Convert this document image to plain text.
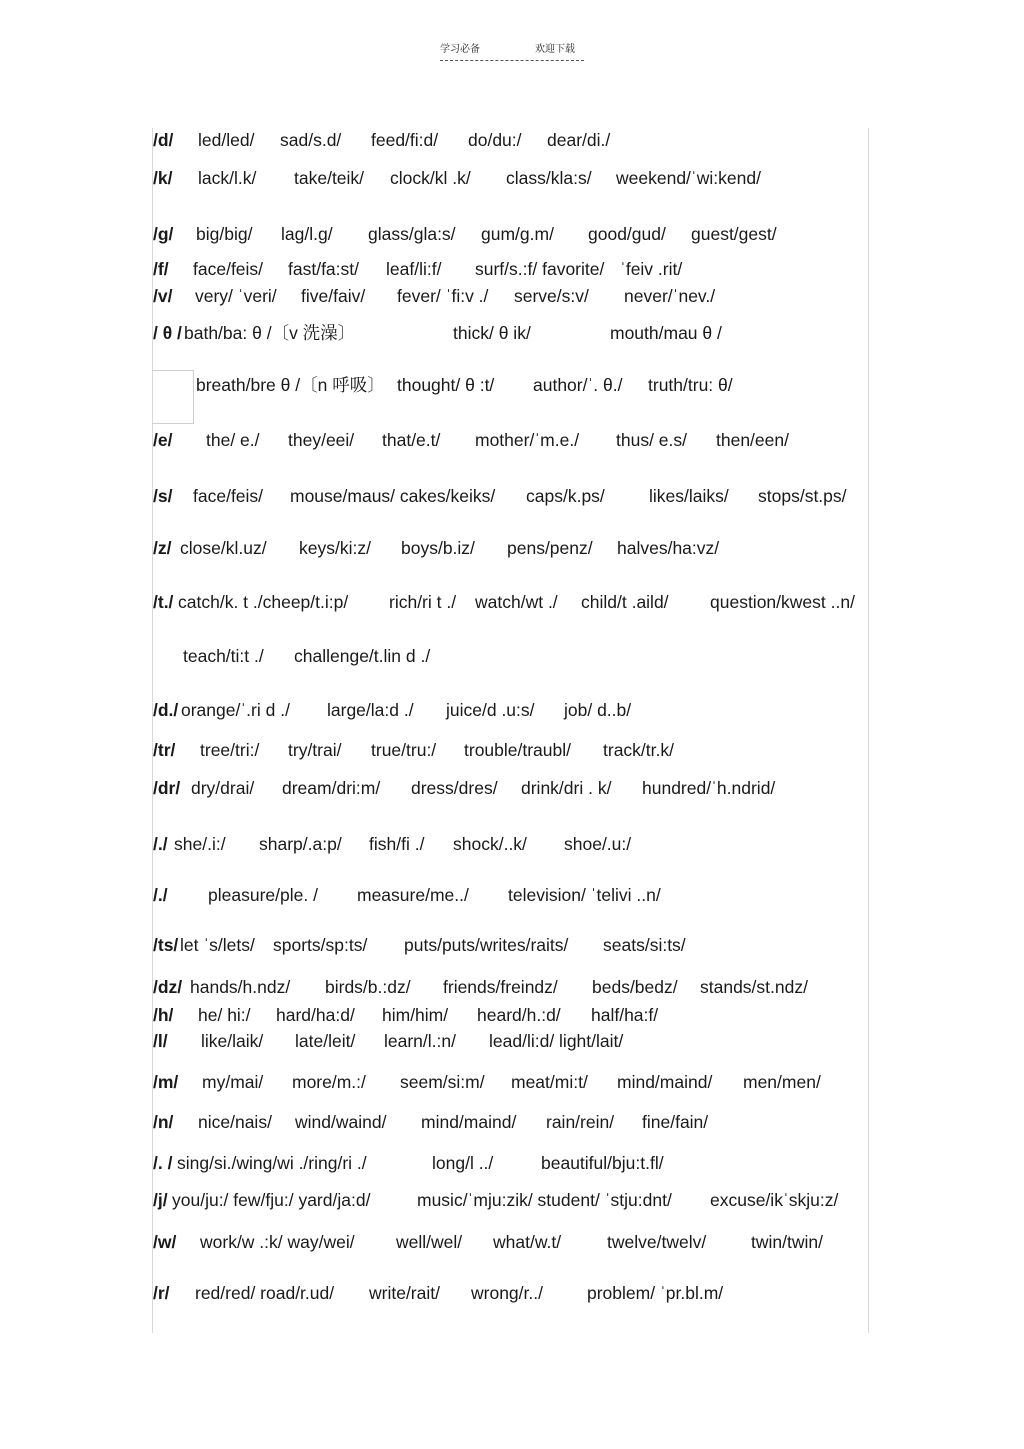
学习必备	欢迎下载
/d/ led/led/ sad/s.d/ feed/fi:d/ do/du:/ dear/di./
/k/ lack/l.k/ take/teik/ clock/kl .k/ class/kla:s/ weekend/ˈwi:kend/
/g/ big/big/ lag/l.g/ glass/gla:s/ gum/g.m/ good/gud/ guest/gest/
/f/ face/feis/ fast/fa:st/ leaf/li:f/ surf/s.:f/ favorite/ ˈfeiv .rit/
/v/ very/ ˈveri/ five/faiv/ fever/ ˈfi:v ./ serve/s:v/ never/ˈnev./
/ θ / bath/ba: θ /〔v 洗澡〕	thick/ θ ik/	mouth/mau θ /
breath/bre θ /〔n 呼吸〕 thought/ θ :t/ author/ˈ. θ./ truth/tru: θ/
/e/ the/ e./ they/eei/ that/e.t/ mother/ˈm.e./ thus/ e.s/ then/een/
/s/ face/feis/ mouse/maus/ cakes/keiks/ caps/k.ps/	likes/laiks/ stops/st.ps/
/z/ close/kl.uz/ keys/ki:z/ boys/b.iz/ pens/penz/ halves/ha:vz/
/t./ catch/k. t ./cheep/t.i:p/ rich/ri t ./ watch/wt ./ child/t .aild/ question/kwest ..n/
teach/ti:t ./ challenge/t.lin d ./
/d./ orange/ˈ.ri d ./ large/la:d ./ juice/d .u:s/ job/ d..b/
/tr/ tree/tri:/ try/trai/ true/tru:/ trouble/traubl/ track/tr.k/
/dr/ dry/drai/ dream/dri:m/ dress/dres/ drink/dri . k/ hundred/ˈh.ndrid/
/./ she/.i:/ sharp/.a:p/ fish/fi ./ shock/..k/ shoe/.u:/
/./ pleasure/ple. / measure/me../ television/ ˈtelivi ..n/
/ts/ let ˈs/lets/ sports/sp:ts/ puts/puts/writes/raits/ seats/si:ts/
/dz/ hands/h.ndz/ birds/b.:dz/ friends/freindz/ beds/bedz/ stands/st.ndz/
/h/ he/ hi:/ hard/ha:d/ him/him/ heard/h.:d/ half/ha:f/
/l/ like/laik/ late/leit/ learn/l.:n/ lead/li:d/ light/lait/
/m/ my/mai/ more/m.:/ seem/si:m/ meat/mi:t/ mind/maind/ men/men/
/n/ nice/nais/ wind/waind/ mind/maind/ rain/rein/ fine/fain/
/. / sing/si./wing/wi ./ring/ri ./	long/l ../	beautiful/bju:t.fl/
/j/ you/ju:/ few/fju:/ yard/ja:d/	music/ˈmju:zik/ student/ ˈstju:dnt/ excuse/ikˈskju:z/
/w/ work/w .:k/ way/wei/ well/wel/ what/w.t/	twelve/twelv/	twin/twin/
/r/ red/red/ road/r.ud/ write/rait/ wrong/r../	problem/ ˈpr.bl.m/
